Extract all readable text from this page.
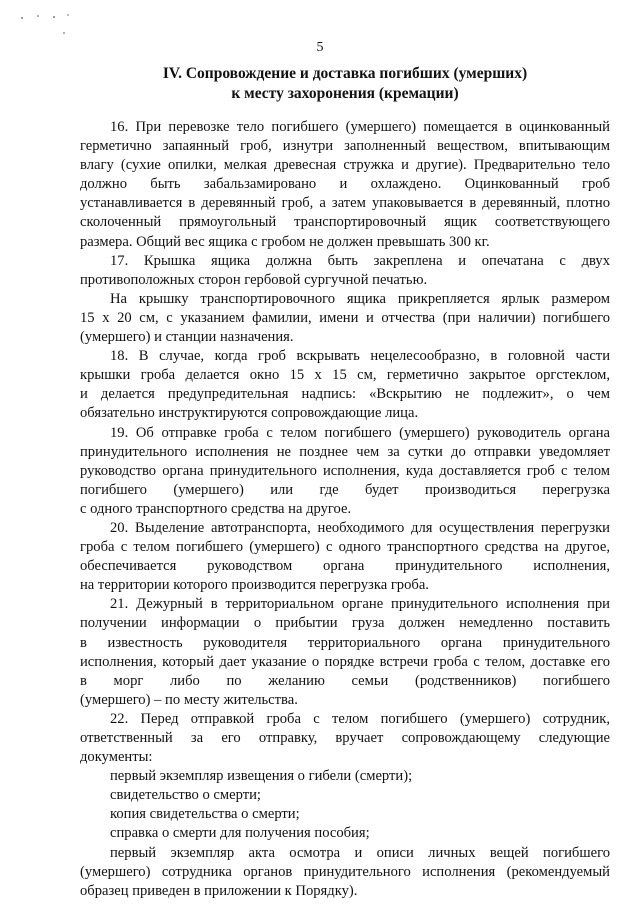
5
IV. Сопровождение и доставка погибших (умерших)
к месту захоронения (кремации)
16. При перевозке тело погибшего (умершего) помещается в оцинкованный
герметично запаянный гроб, изнутри заполненный веществом, впитывающим
влагу (сухие опилки, мелкая древесная стружка и другие). Предварительно тело
должно быть забальзамировано и охлаждено. Оцинкованный гроб
устанавливается в деревянный гроб, а затем упаковывается в деревянный, плотно
сколоченный прямоугольный транспортировочный ящик соответствующего
размера. Общий вес ящика с гробом не должен превышать 300 кг.
17. Крышка ящика должна быть закреплена и опечатана с двух
противоположных сторон гербовой сургучной печатью.
На крышку транспортировочного ящика прикрепляется ярлык размером
15 x 20 см, с указанием фамилии, имени и отчества (при наличии) погибшего
(умершего) и станции назначения.
18. В случае, когда гроб вскрывать нецелесообразно, в головной части
крышки гроба делается окно 15 x 15 см, герметично закрытое оргстеклом,
и делается предупредительная надпись: «Вскрытию не подлежит», о чем
обязательно инструктируются сопровождающие лица.
19. Об отправке гроба с телом погибшего (умершего) руководитель органа
принудительного исполнения не позднее чем за сутки до отправки уведомляет
руководство органа принудительного исполнения, куда доставляется гроб с телом
погибшего (умершего) или где будет производиться перегрузка
с одного транспортного средства на другое.
20. Выделение автотранспорта, необходимого для осуществления перегрузки
гроба с телом погибшего (умершего) с одного транспортного средства на другое,
обеспечивается руководством органа принудительного исполнения,
на территории которого производится перегрузка гроба.
21. Дежурный в территориальном органе принудительного исполнения при
получении информации о прибытии груза должен немедленно поставить
в известность руководителя территориального органа принудительного
исполнения, который дает указание о порядке встречи гроба с телом, доставке его
в морг либо по желанию семьи (родственников) погибшего
(умершего) – по месту жительства.
22. Перед отправкой гроба с телом погибшего (умершего) сотрудник,
ответственный за его отправку, вручает сопровождающему следующие
документы:
первый экземпляр извещения о гибели (смерти);
свидетельство о смерти;
копия свидетельства о смерти;
справка о смерти для получения пособия;
первый экземпляр акта осмотра и описи личных вещей погибшего
(умершего) сотрудника органов принудительного исполнения (рекомендуемый
образец приведен в приложении к Порядку).
